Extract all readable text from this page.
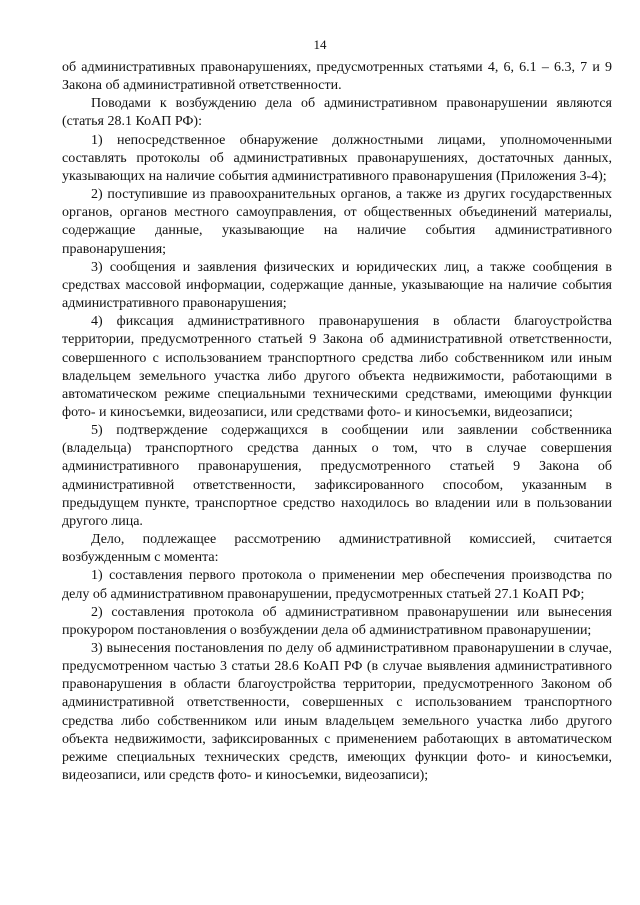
14

об административных правонарушениях, предусмотренных статьями 4, 6, 6.1 – 6.3, 7 и 9 Закона об административной ответственности.

Поводами к возбуждению дела об административном правонарушении являются (статья 28.1 КоАП РФ):

1) непосредственное обнаружение должностными лицами, уполномоченными составлять протоколы об административных правонарушениях, достаточных данных, указывающих на наличие события административного правонарушения (Приложения 3-4);

2) поступившие из правоохранительных органов, а также из других государственных органов, органов местного самоуправления, от общественных объединений материалы, содержащие данные, указывающие на наличие события административного правонарушения;

3) сообщения и заявления физических и юридических лиц, а также сообщения в средствах массовой информации, содержащие данные, указывающие на наличие события административного правонарушения;

4) фиксация административного правонарушения в области благоустройства территории, предусмотренного статьей 9 Закона об административной ответственности, совершенного с использованием транспортного средства либо собственником или иным владельцем земельного участка либо другого объекта недвижимости, работающими в автоматическом режиме специальными техническими средствами, имеющими функции фото- и киносъемки, видеозаписи, или средствами фото- и киносъемки, видеозаписи;

5) подтверждение содержащихся в сообщении или заявлении собственника (владельца) транспортного средства данных о том, что в случае совершения административного правонарушения, предусмотренного статьей 9 Закона об административной ответственности, зафиксированного способом, указанным в предыдущем пункте, транспортное средство находилось во владении или в пользовании другого лица.

Дело, подлежащее рассмотрению административной комиссией, считается возбужденным с момента:

1) составления первого протокола о применении мер обеспечения производства по делу об административном правонарушении, предусмотренных статьей 27.1 КоАП РФ;

2) составления протокола об административном правонарушении или вынесения прокурором постановления о возбуждении дела об административном правонарушении;

3) вынесения постановления по делу об административном правонарушении в случае, предусмотренном частью 3 статьи 28.6 КоАП РФ (в случае выявления административного правонарушения в области благоустройства территории, предусмотренного Законом об административной ответственности, совершенных с использованием транспортного средства либо собственником или иным владельцем земельного участка либо другого объекта недвижимости, зафиксированных с применением работающих в автоматическом режиме специальных технических средств, имеющих функции фото- и киносъемки, видеозаписи, или средств фото- и киносъемки, видеозаписи);
